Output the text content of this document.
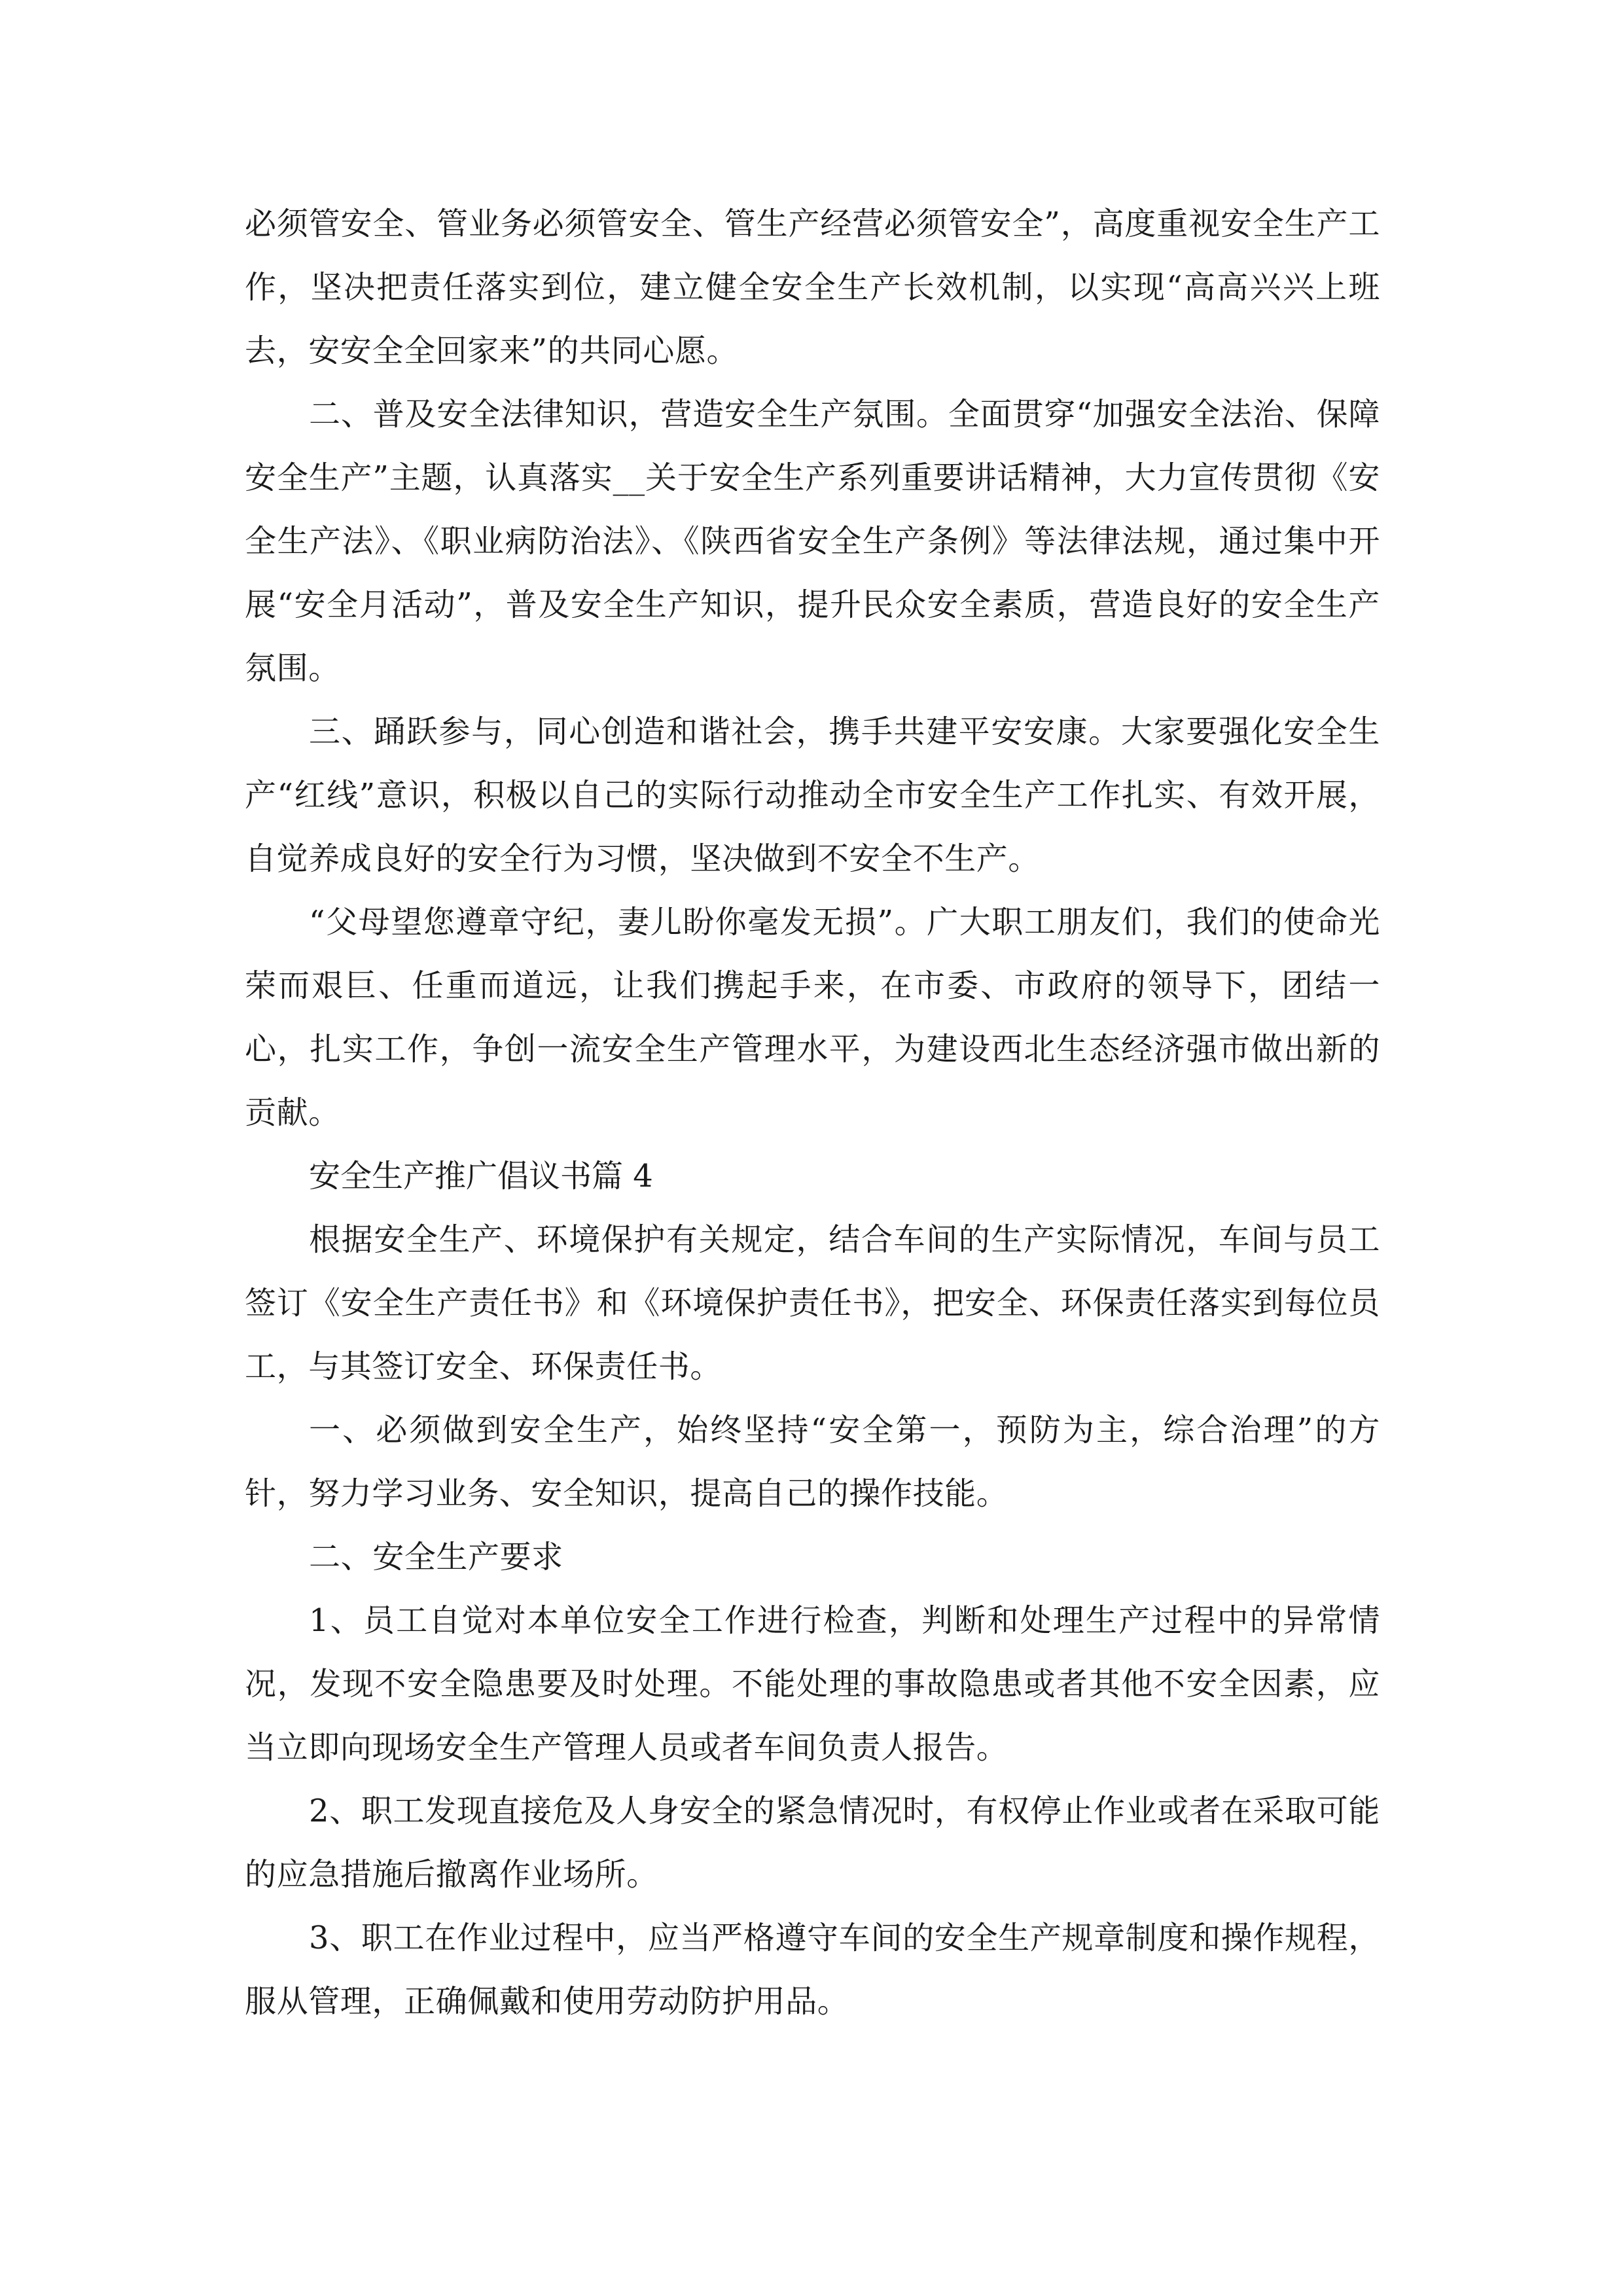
必须管安全、管业务必须管安全、管生产经营必须管安全”，高度重视安全生产工作，坚决把责任落实到位，建立健全安全生产长效机制，以实现“高高兴兴上班去，安安全全回家来”的共同心愿。

二、普及安全法律知识，营造安全生产氛围。全面贯穿“加强安全法治、保障安全生产”主题，认真落实__关于安全生产系列重要讲话精神，大力宣传贯彻《安全生产法》、《职业病防治法》、《陕西省安全生产条例》等法律法规，通过集中开展“安全月活动”，普及安全生产知识，提升民众安全素质，营造良好的安全生产氛围。

三、踊跃参与，同心创造和谐社会，携手共建平安安康。大家要强化安全生产“红线”意识，积极以自己的实际行动推动全市安全生产工作扎实、有效开展，自觉养成良好的安全行为习惯，坚决做到不安全不生产。

“父母望您遵章守纪，妻儿盼你毫发无损”。广大职工朋友们，我们的使命光荣而艰巨、任重而道远，让我们携起手来，在市委、市政府的领导下，团结一心，扎实工作，争创一流安全生产管理水平，为建设西北生态经济强市做出新的贡献。

安全生产推广倡议书篇 4

根据安全生产、环境保护有关规定，结合车间的生产实际情况，车间与员工签订《安全生产责任书》和《环境保护责任书》，把安全、环保责任落实到每位员工，与其签订安全、环保责任书。

一、必须做到安全生产，始终坚持“安全第一，预防为主，综合治理”的方针，努力学习业务、安全知识，提高自己的操作技能。

二、安全生产要求

1、员工自觉对本单位安全工作进行检查，判断和处理生产过程中的异常情况，发现不安全隐患要及时处理。不能处理的事故隐患或者其他不安全因素，应当立即向现场安全生产管理人员或者车间负责人报告。

2、职工发现直接危及人身安全的紧急情况时，有权停止作业或者在采取可能的应急措施后撤离作业场所。

3、职工在作业过程中，应当严格遵守车间的安全生产规章制度和操作规程，服从管理，正确佩戴和使用劳动防护用品。
